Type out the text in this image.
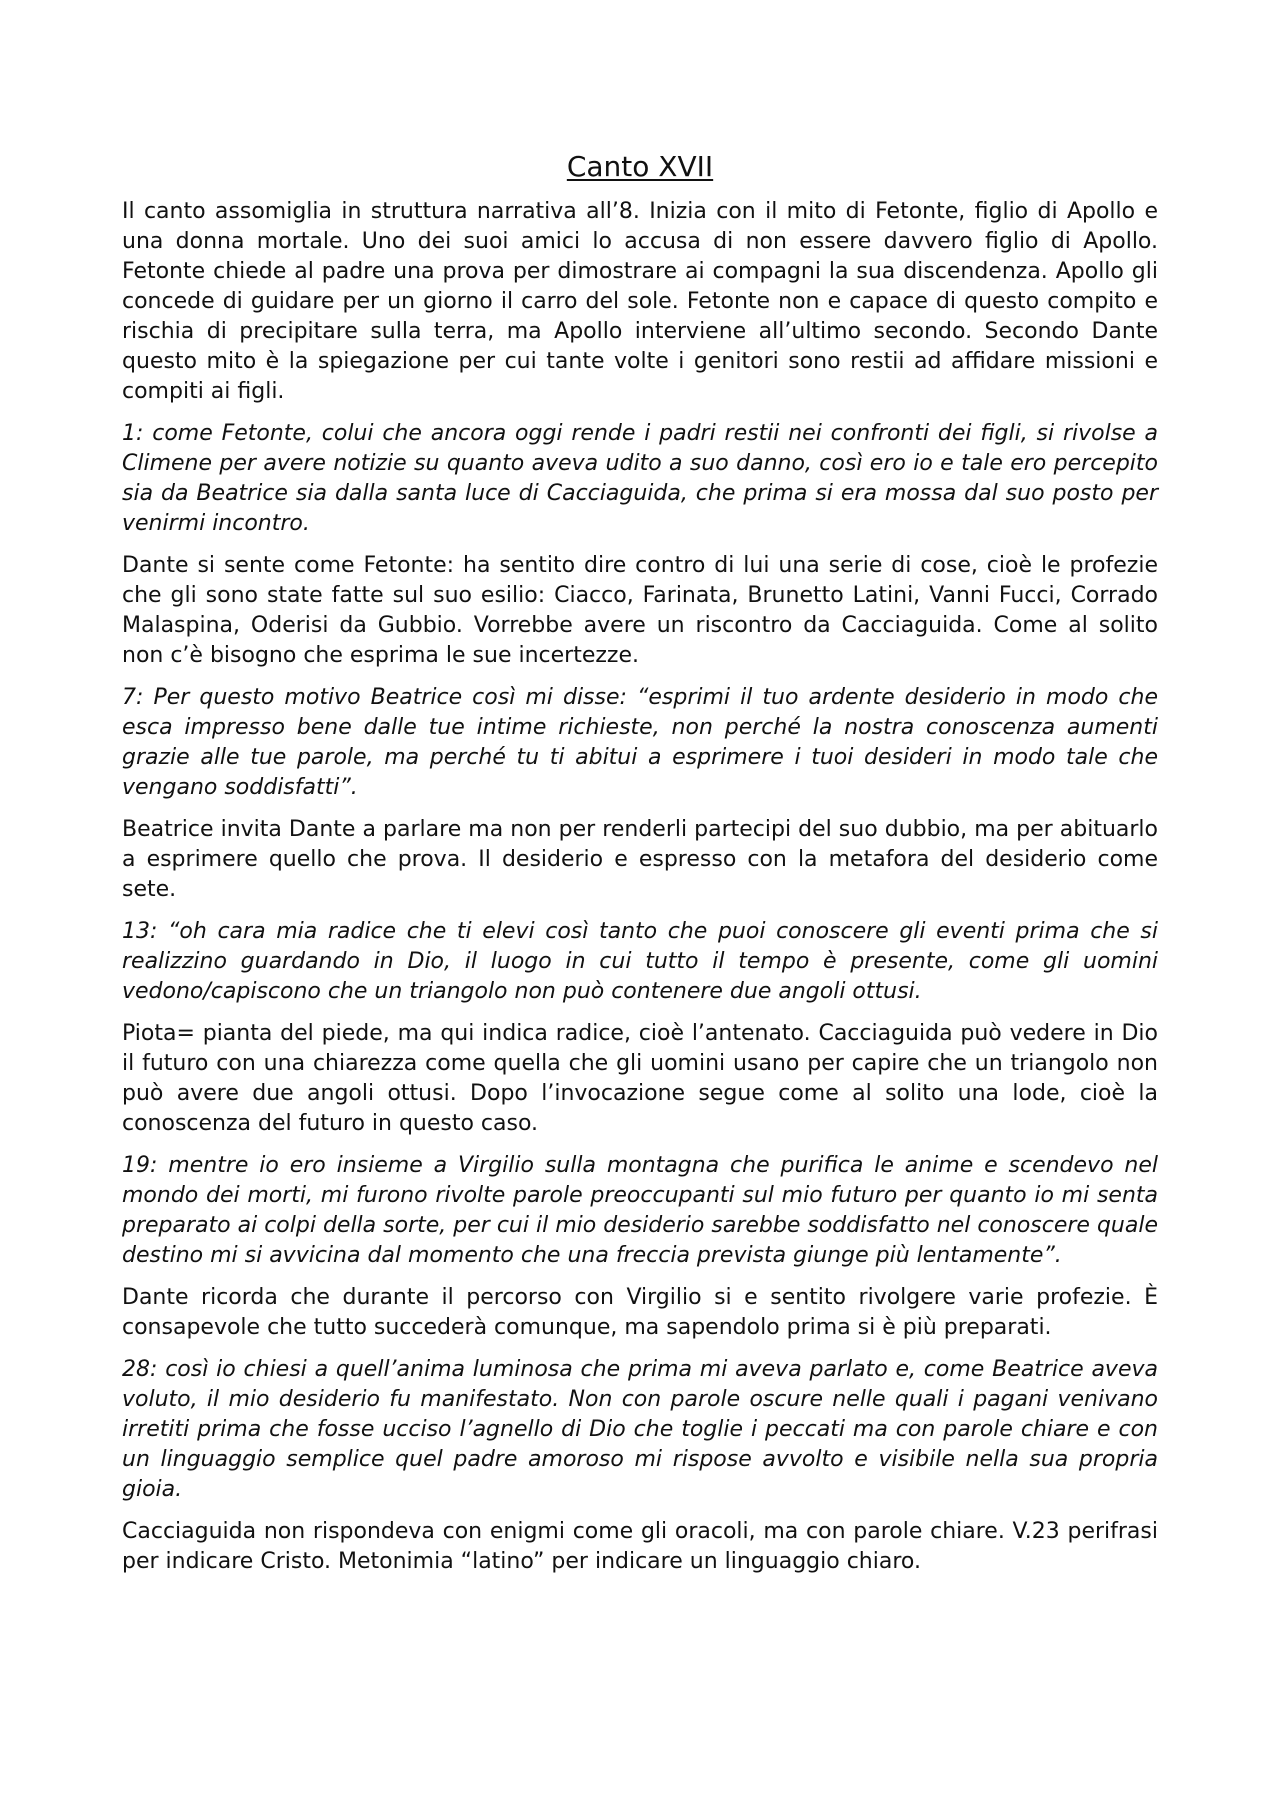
Canto XVII

Il canto assomiglia in struttura narrativa all’8. Inizia con il mito di Fetonte, figlio di Apollo e una donna mortale. Uno dei suoi amici lo accusa di non essere davvero figlio di Apollo. Fetonte chiede al padre una prova per dimostrare ai compagni la sua discendenza. Apollo gli concede di guidare per un giorno il carro del sole. Fetonte non e capace di questo compito e rischia di precipitare sulla terra, ma Apollo interviene all’ultimo secondo. Secondo Dante questo mito è la spiegazione per cui tante volte i genitori sono restii ad affidare missioni e compiti ai figli.

1: come Fetonte, colui che ancora oggi rende i padri restii nei confronti dei figli, si rivolse a Climene per avere notizie su quanto aveva udito a suo danno, così ero io e tale ero percepito sia da Beatrice sia dalla santa luce di Cacciaguida, che prima si era mossa dal suo posto per venirmi incontro.

Dante si sente come Fetonte: ha sentito dire contro di lui una serie di cose, cioè le profezie che gli sono state fatte sul suo esilio: Ciacco, Farinata, Brunetto Latini, Vanni Fucci, Corrado Malaspina, Oderisi da Gubbio. Vorrebbe avere un riscontro da Cacciaguida. Come al solito non c’è bisogno che esprima le sue incertezze.

7: Per questo motivo Beatrice così mi disse: “esprimi il tuo ardente desiderio in modo che esca impresso bene dalle tue intime richieste, non perché la nostra conoscenza aumenti grazie alle tue parole, ma perché tu ti abitui a esprimere i tuoi desideri in modo tale che vengano soddisfatti”.

Beatrice invita Dante a parlare ma non per renderli partecipi del suo dubbio, ma per abituarlo a esprimere quello che prova. Il desiderio e espresso con la metafora del desiderio come sete.

13: “oh cara mia radice che ti elevi così tanto che puoi conoscere gli eventi prima che si realizzino guardando in Dio, il luogo in cui tutto il tempo è presente, come gli uomini vedono/capiscono che un triangolo non può contenere due angoli ottusi.

Piota= pianta del piede, ma qui indica radice, cioè l’antenato. Cacciaguida può vedere in Dio il futuro con una chiarezza come quella che gli uomini usano per capire che un triangolo non può avere due angoli ottusi. Dopo l’invocazione segue come al solito una lode, cioè la conoscenza del futuro in questo caso.

19: mentre io ero insieme a Virgilio sulla montagna che purifica le anime e scendevo nel mondo dei morti, mi furono rivolte parole preoccupanti sul mio futuro per quanto io mi senta preparato ai colpi della sorte, per cui il mio desiderio sarebbe soddisfatto nel conoscere quale destino mi si avvicina dal momento che una freccia prevista giunge più lentamente”.

Dante ricorda che durante il percorso con Virgilio si e sentito rivolgere varie profezie. È consapevole che tutto succederà comunque, ma sapendolo prima si è più preparati.

28: così io chiesi a quell’anima luminosa che prima mi aveva parlato e, come Beatrice aveva voluto, il mio desiderio fu manifestato. Non con parole oscure nelle quali i pagani venivano irretiti prima che fosse ucciso l’agnello di Dio che toglie i peccati ma con parole chiare e con un linguaggio semplice quel padre amoroso mi rispose avvolto e visibile nella sua propria gioia.

Cacciaguida non rispondeva con enigmi come gli oracoli, ma con parole chiare. V.23 perifrasi per indicare Cristo. Metonimia “latino” per indicare un linguaggio chiaro.
